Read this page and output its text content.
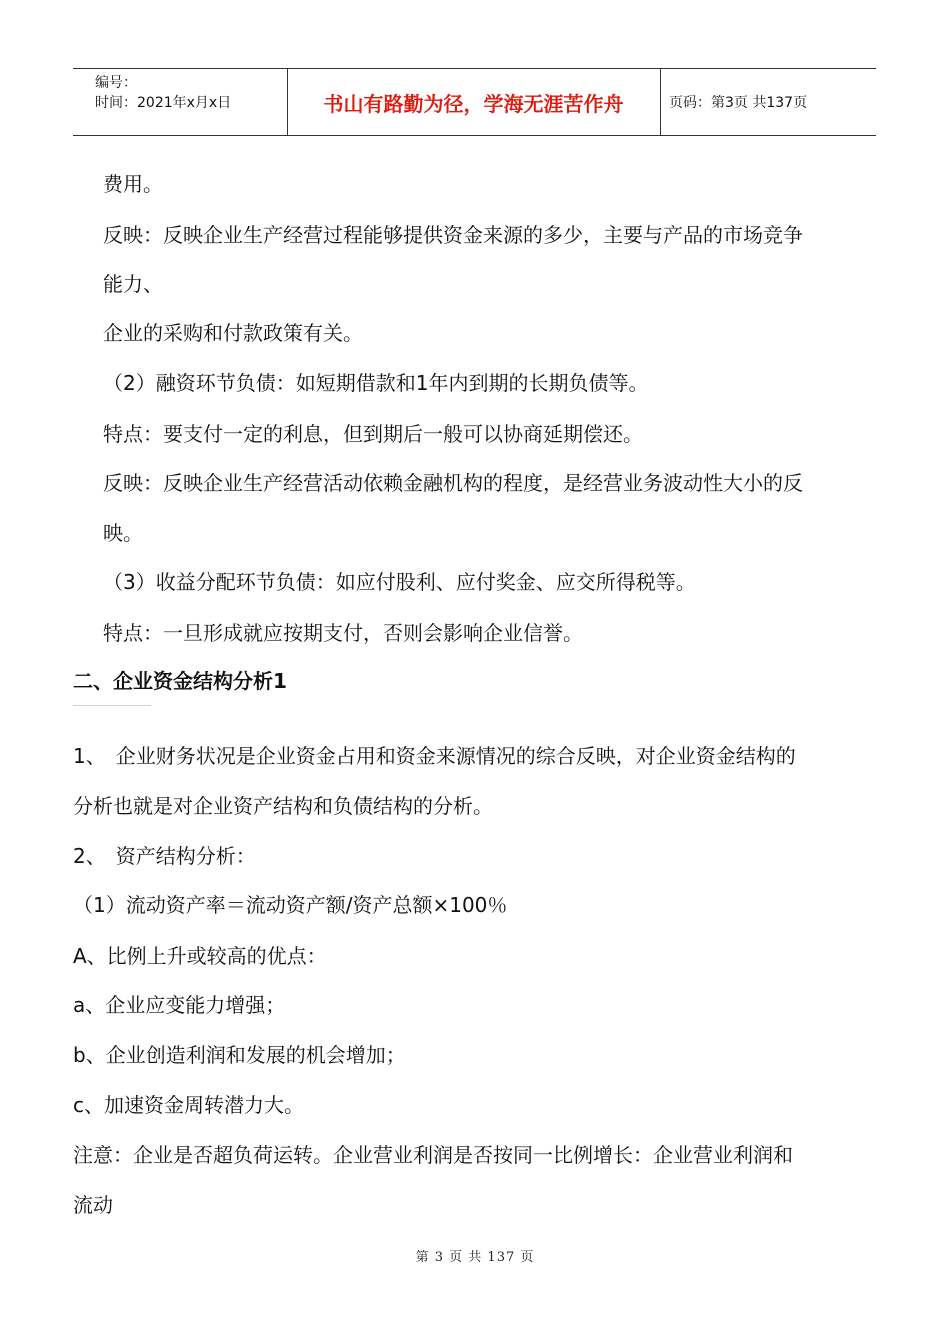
编号：
时间：2021年x月x日	书山有路勤为径，学海无涯苦作舟	页码：第3页 共137页

费用。

反映：反映企业生产经营过程能够提供资金来源的多少，主要与产品的市场竞争

能力、

企业的采购和付款政策有关。

（2）融资环节负债：如短期借款和1年内到期的长期负债等。

特点：要支付一定的利息，但到期后一般可以协商延期偿还。

反映：反映企业生产经营活动依赖金融机构的程度，是经营业务波动性大小的反

映。

（3）收益分配环节负债：如应付股利、应付奖金、应交所得税等。

特点：一旦形成就应按期支付，否则会影响企业信誉。

二、企业资金结构分析1

1、　企业财务状况是企业资金占用和资金来源情况的综合反映，对企业资金结构的

分析也就是对企业资产结构和负债结构的分析。

2、　资产结构分析：

（1）流动资产率＝流动资产额/资产总额×100％

A、比例上升或较高的优点：

a、企业应变能力增强；

b、企业创造利润和发展的机会增加；

c、加速资金周转潜力大。

注意：企业是否超负荷运转。企业营业利润是否按同一比例增长：企业营业利润和

流动

第 3 页 共 137 页
